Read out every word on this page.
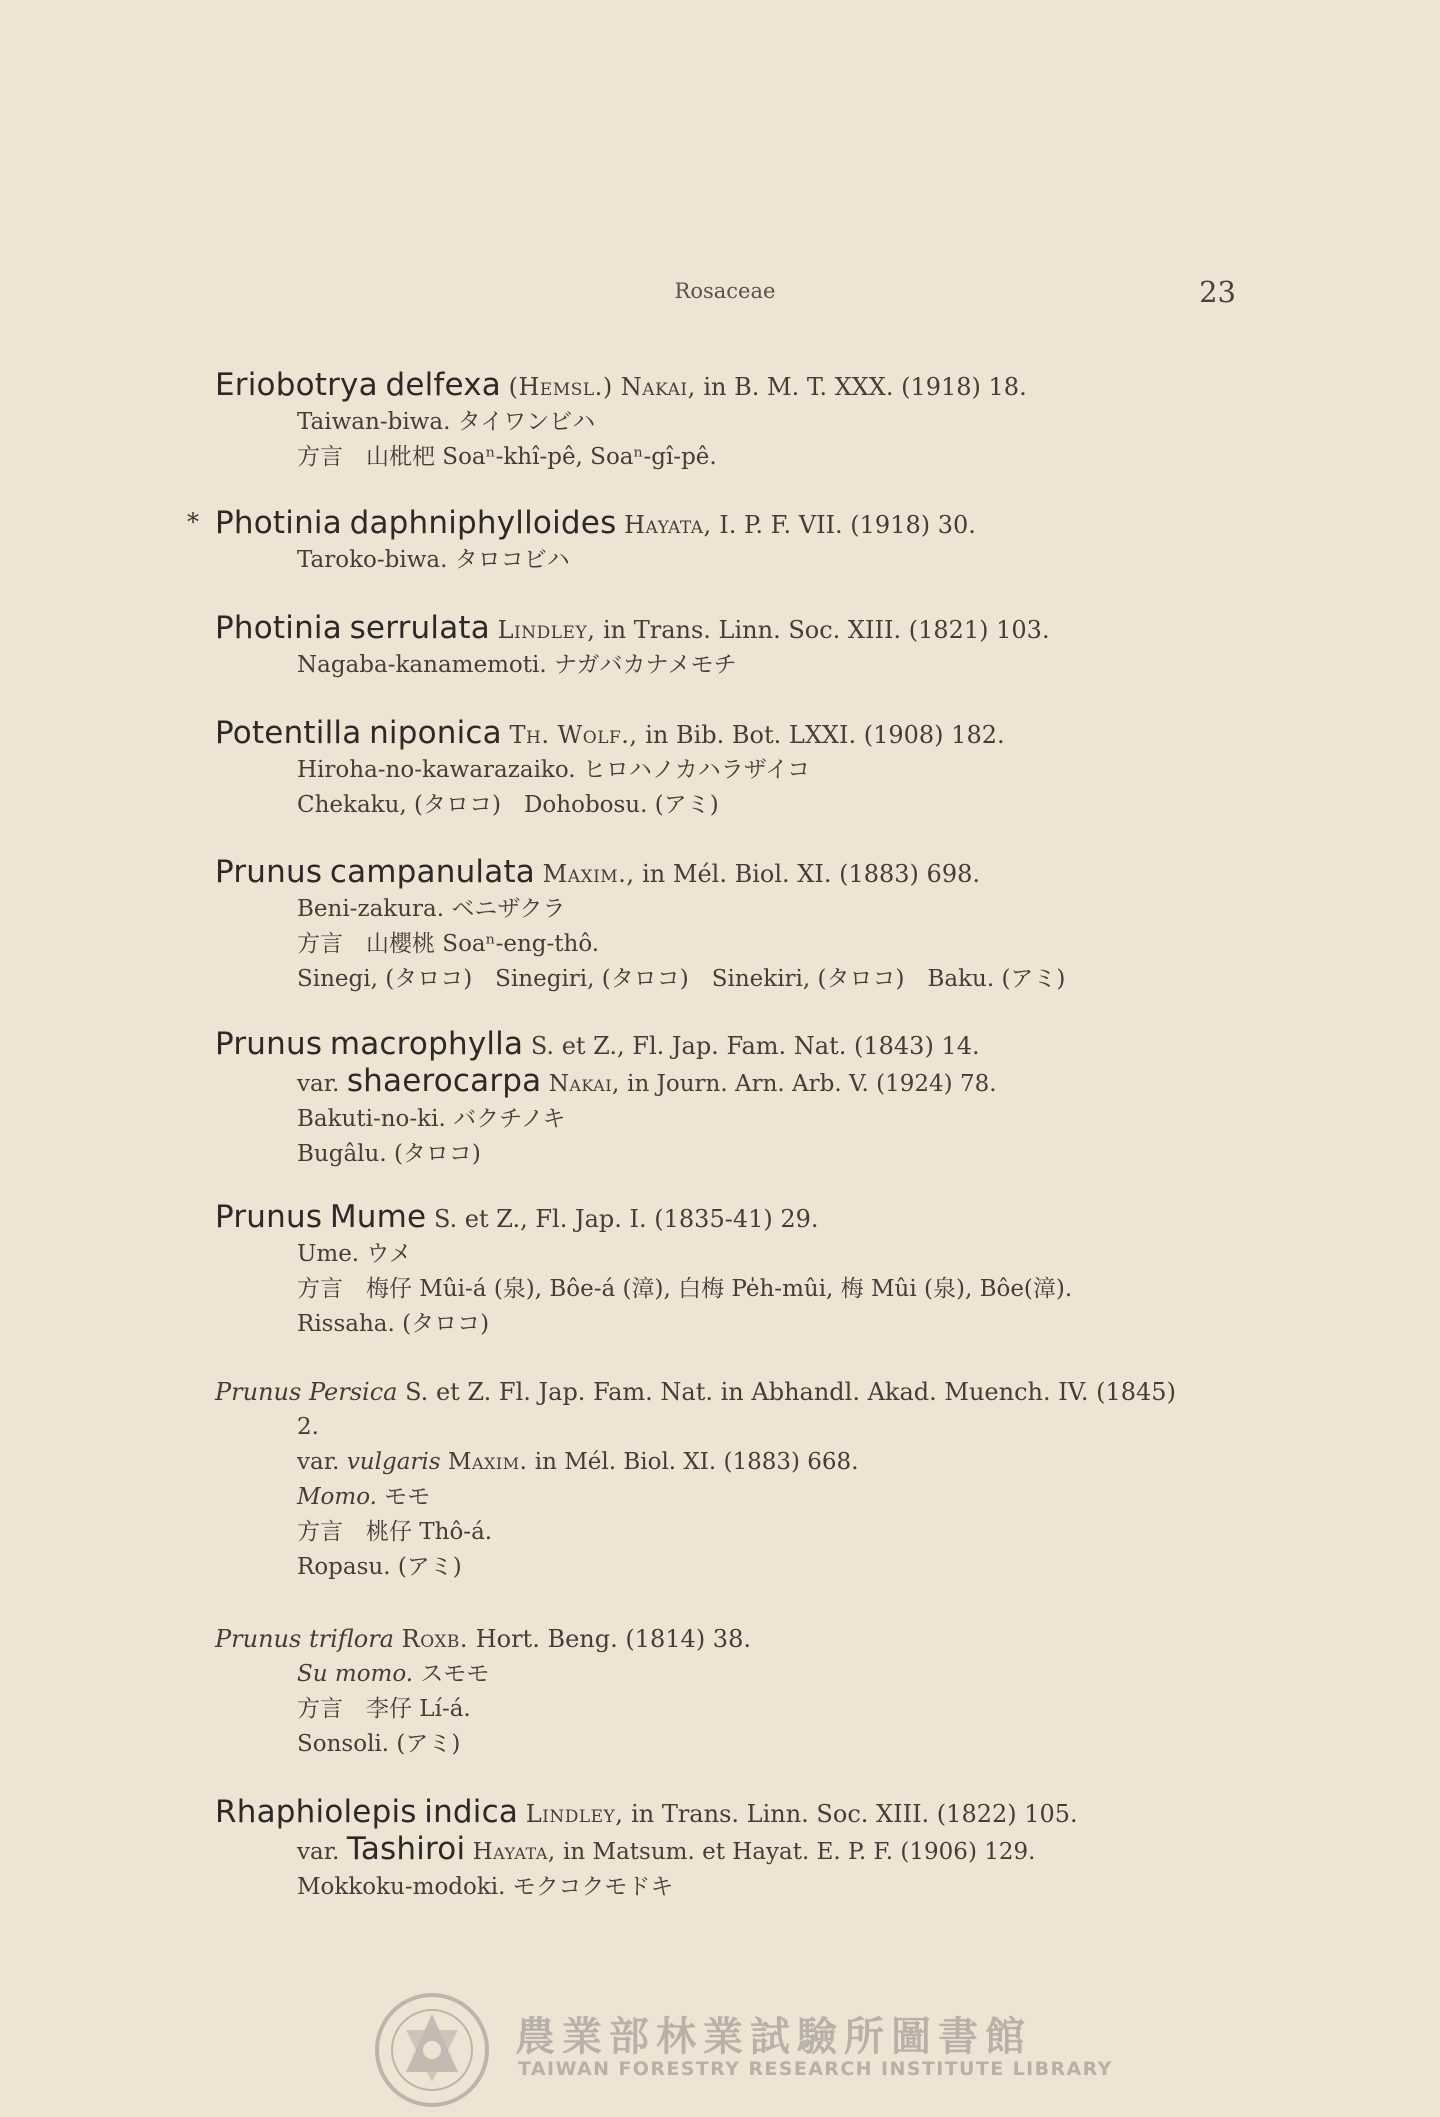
Rosaceae	23
Eriobotrya delfexa (Hemsl.) Nakai, in B. M. T. XXX. (1918) 18.
Taiwan-biwa. タイワンビハ
方言　山枇杷 Soaⁿ-khî-pê, Soaⁿ-gî-pê.
* Photinia daphniphylloides Hayata, I. P. F. VII. (1918) 30.
Taroko-biwa. タロコビハ
Photinia serrulata Lindley, in Trans. Linn. Soc. XIII. (1821) 103.
Nagaba-kanamemoti. ナガバカナメモチ
Potentilla niponica Th. Wolf., in Bib. Bot. LXXI. (1908) 182.
Hiroha-no-kawarazaiko. ヒロハノカハラザイコ
Chekaku, (タロコ)　Dohobosu. (アミ)
Prunus campanulata Maxim., in Mél. Biol. XI. (1883) 698.
Beni-zakura. ベニザクラ
方言　山櫻桃 Soaⁿ-eng-thô.
Sinegi, (タロコ)　Sinegiri, (タロコ)　Sinekiri, (タロコ)　Baku. (アミ)
Prunus macrophylla S. et Z., Fl. Jap. Fam. Nat. (1843) 14.
var. shaerocarpa Nakai, in Journ. Arn. Arb. V. (1924) 78.
Bakuti-no-ki. バクチノキ
Bugâlu. (タロコ)
Prunus Mume S. et Z., Fl. Jap. I. (1835-41) 29.
Ume. ウメ
方言　梅仔 Mûi-á (泉), Bôe-á (漳), 白梅 Pe̍h-mûi, 梅 Mûi (泉), Bôe(漳).
Rissaha. (タロコ)
Prunus Persica S. et Z. Fl. Jap. Fam. Nat. in Abhandl. Akad. Muench. IV. (1845)
2.
var. vulgaris Maxim. in Mél. Biol. XI. (1883) 668.
Momo. モモ
方言　桃仔 Thô-á.
Ropasu. (アミ)
Prunus triflora Roxb. Hort. Beng. (1814) 38.
Su momo. スモモ
方言　李仔 Lí-á.
Sonsoli. (アミ)
Rhaphiolepis indica Lindley, in Trans. Linn. Soc. XIII. (1822) 105.
var. Tashiroi Hayata, in Matsum. et Hayat. E. P. F. (1906) 129.
Mokkoku-modoki. モクコクモドキ
農業部林業試驗所圖書館
TAIWAN FORESTRY RESEARCH INSTITUTE LIBRARY
